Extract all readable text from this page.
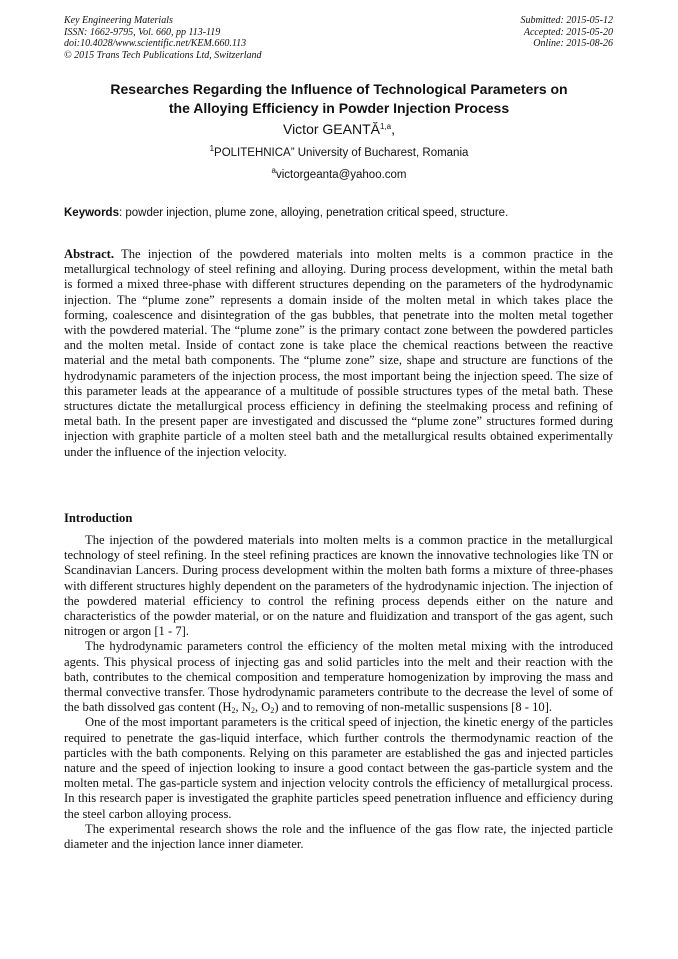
Key Engineering Materials
ISSN: 1662-9795, Vol. 660, pp 113-119
doi:10.4028/www.scientific.net/KEM.660.113
© 2015 Trans Tech Publications Ltd, Switzerland
Submitted: 2015-05-12
Accepted: 2015-05-20
Online: 2015-08-26
Researches Regarding the Influence of Technological Parameters on
the Alloying Efficiency in Powder Injection Process
Victor GEANTĂ$^{1,a}$,
$^1$POLITEHNICA” University of Bucharest, Romania
$^a$victorgeanta@yahoo.com
Keywords: powder injection, plume zone, alloying, penetration critical speed, structure.

Abstract. The injection of the powdered materials into molten melts is a common practice in the metallurgical technology of steel refining and alloying. During process development, within the metal bath is formed a mixed three-phase with different structures depending on the parameters of the hydrodynamic injection. The “plume zone” represents a domain inside of the molten metal in which takes place the forming, coalescence and disintegration of the gas bubbles, that penetrate into the molten metal together with the powdered material. The “plume zone” is the primary contact zone between the powdered particles and the molten metal. Inside of contact zone is take place the chemical reactions between the reactive material and the metal bath components. The “plume zone” size, shape and structure are functions of the hydrodynamic parameters of the injection process, the most important being the injection speed. The size of this parameter leads at the appearance of a multitude of possible structures types of the metal bath. These structures dictate the metallurgical process efficiency in defining the steelmaking process and refining of metal bath. In the present paper are investigated and discussed the “plume zone” structures formed during injection with graphite particle of a molten steel bath and the metallurgical results obtained experimentally under the influence of the injection velocity.

Introduction

The injection of the powdered materials into molten melts is a common practice in the metallurgical technology of steel refining. In the steel refining practices are known the innovative technologies like TN or Scandinavian Lancers. During process development within the molten bath forms a mixture of three-phases with different structures highly dependent on the parameters of the hydrodynamic injection. The injection of the powdered material efficiency to control the refining process depends either on the nature and characteristics of the powder material, or on the nature and fluidization and transport of the gas agent, such nitrogen or argon [1 - 7].

The hydrodynamic parameters control the efficiency of the molten metal mixing with the introduced agents. This physical process of injecting gas and solid particles into the melt and their reaction with the bath, contributes to the chemical composition and temperature homogenization by improving the mass and thermal convective transfer. Those hydrodynamic parameters contribute to the decrease the level of some of the bath dissolved gas content ($H_2$, $N_2$, $O_2$) and to removing of non-metallic suspensions [8 - 10].

One of the most important parameters is the critical speed of injection, the kinetic energy of the particles required to penetrate the gas-liquid interface, which further controls the thermodynamic reaction of the particles with the bath components. Relying on this parameter are established the gas and injected particles nature and the speed of injection looking to insure a good contact between the gas-particle system and the molten metal. The gas-particle system and injection velocity controls the efficiency of metallurgical process. In this research paper is investigated the graphite particles speed penetration influence and efficiency during the steel carbon alloying process.

The experimental research shows the role and the influence of the gas flow rate, the injected particle diameter and the injection lance inner diameter.
